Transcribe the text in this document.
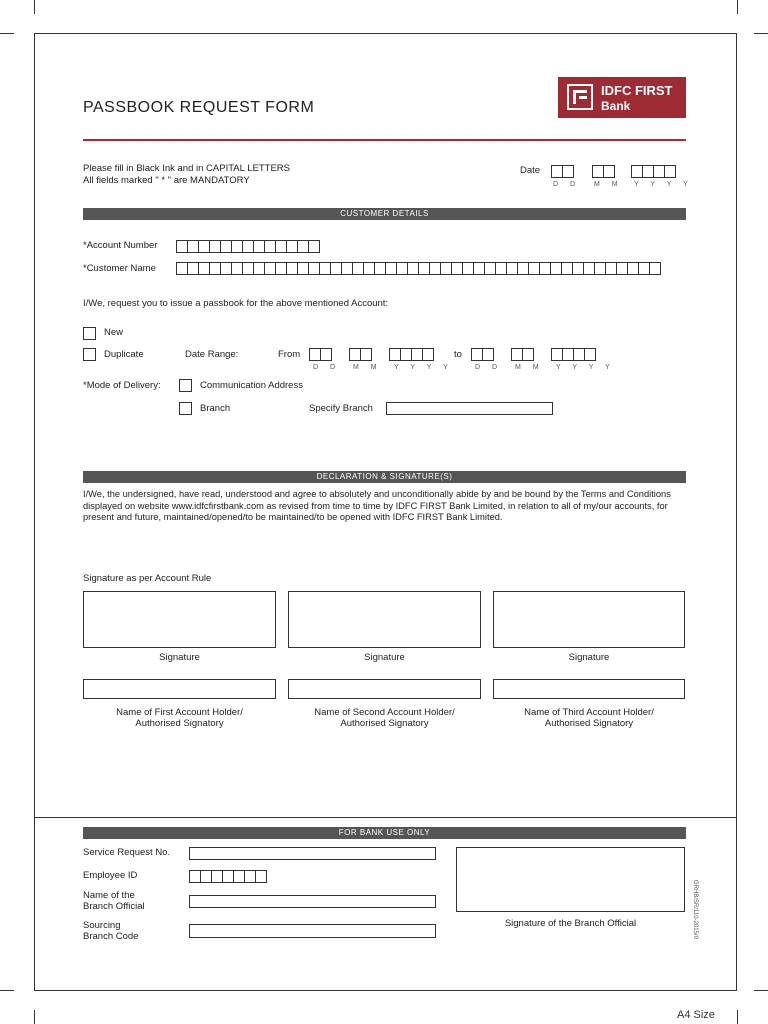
PASSBOOK REQUEST FORM
IDFC FIRST
Bank
Please fill in Black Ink and in CAPITAL LETTERS
All fields marked " * " are MANDATORY
Date
D D M M Y Y Y Y
CUSTOMER DETAILS
*Account Number
*Customer Name
I/We, request you to issue a passbook for the above mentioned Account:
New
Duplicate	Date Range:	From	to
D D M M Y Y Y Y	D D M M Y Y Y Y
*Mode of Delivery:	Communication Address
Branch	Specify Branch
DECLARATION & SIGNATURE(S)
I/We, the undersigned, have read, understood and agree to absolutely and unconditionally abide by and be bound by the Terms and Conditions displayed on website www.idfcfirstbank.com as revised from time to time by IDFC FIRST Bank Limited, in relation to all of my/our accounts, for present and future, maintained/opened/to be maintained/to be opened with IDFC FIRST Bank Limited.
Signature as per Account Rule
Signature	Signature	Signature
Name of First Account Holder/
Authorised Signatory
Name of Second Account Holder/
Authorised Signatory
Name of Third Account Holder/
Authorised Signatory
FOR BANK USE ONLY
Service Request No.
Employee ID
Name of the
Branch Official
Sourcing
Branch Code
Signature of the Branch Official	GRHB/SR/110-2015/0
A4 Size
